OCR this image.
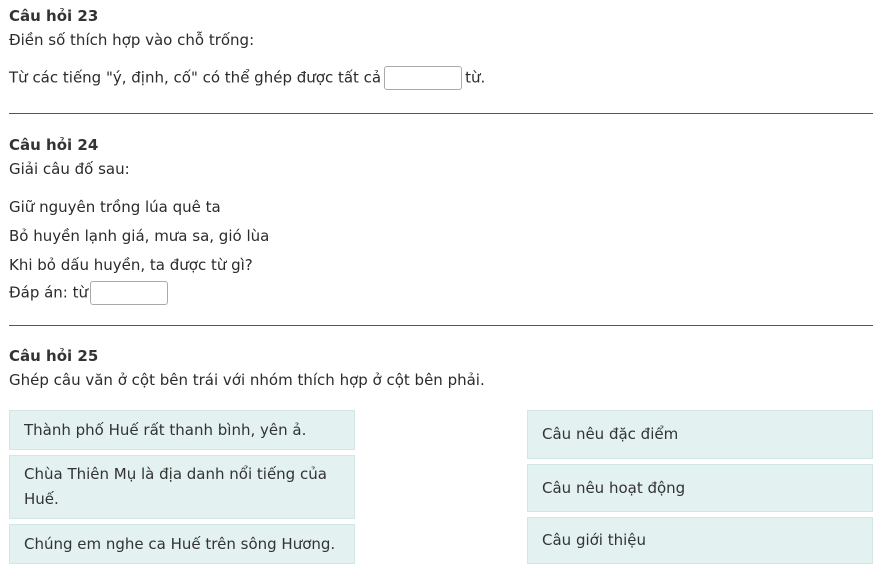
Câu hỏi 23
Điền số thích hợp vào chỗ trống:
Từ các tiếng "ý, định, cố" có thể ghép được tất cả	từ.
Câu hỏi 24
Giải câu đố sau:
Giữ nguyên trồng lúa quê ta
Bỏ huyền lạnh giá, mưa sa, gió lùa
Khi bỏ dấu huyền, ta được từ gì?
Đáp án: từ
Câu hỏi 25
Ghép câu văn ở cột bên trái với nhóm thích hợp ở cột bên phải.
Thành phố Huế rất thanh bình, yên ả.
Chùa Thiên Mụ là địa danh nổi tiếng của Huế.
Chúng em nghe ca Huế trên sông Hương.
Câu nêu đặc điểm
Câu nêu hoạt động
Câu giới thiệu
